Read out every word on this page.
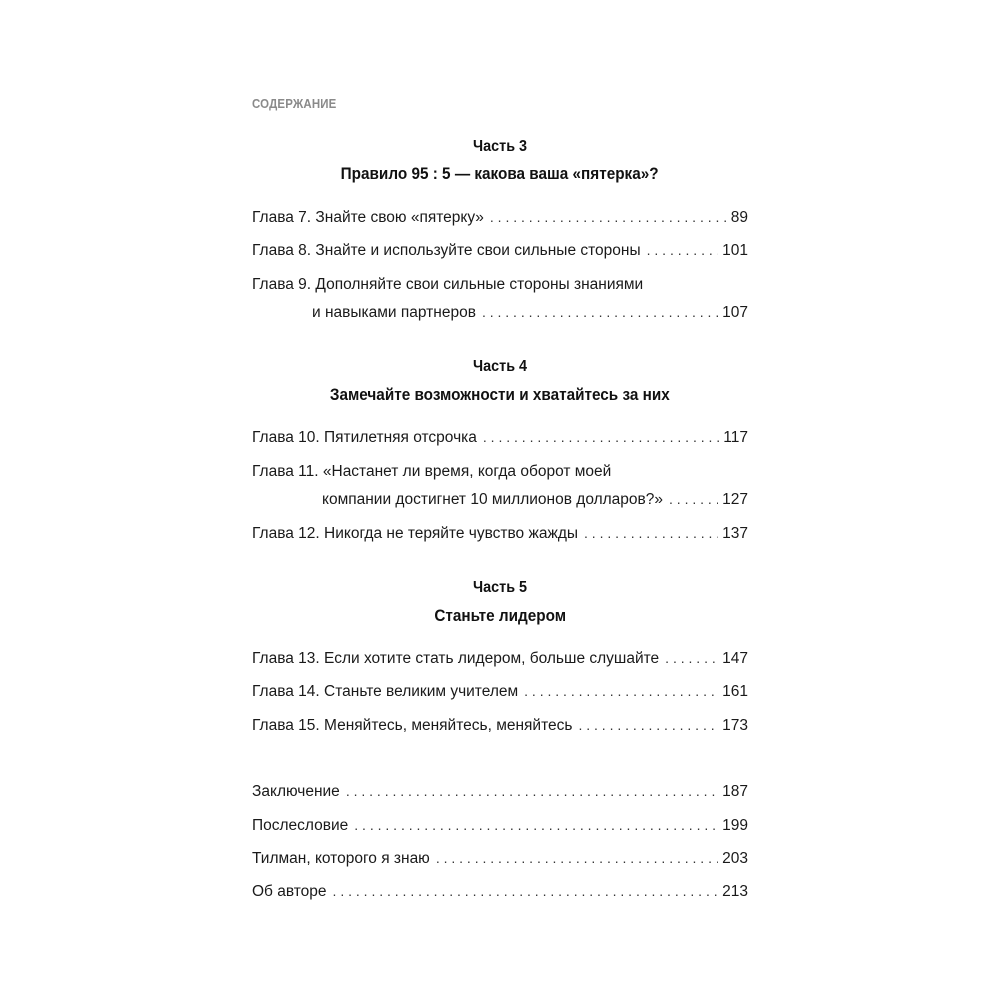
СОДЕРЖАНИЕ
Часть 3
Правило 95 : 5 — какова ваша «пятерка»?
Глава 7. Знайте свою «пятерку» . . .	89
Глава 8. Знайте и используйте свои сильные стороны . . .	101
Глава 9. Дополняйте свои сильные стороны знаниями
и навыками партнеров . . .	107
Часть 4
Замечайте возможности и хватайтесь за них
Глава 10. Пятилетняя отсрочка . . .	117
Глава 11. «Настанет ли время, когда оборот моей
компании достигнет 10 миллионов долларов?» . . .	127
Глава 12. Никогда не теряйте чувство жажды . . .	137
Часть 5
Станьте лидером
Глава 13. Если хотите стать лидером, больше слушайте . . .	147
Глава 14. Станьте великим учителем . . .	161
Глава 15. Меняйтесь, меняйтесь, меняйтесь . . .	173
Заключение . . .	187
Послесловие . . .	199
Тилман, которого я знаю . . .	203
Об авторе . . .	213
